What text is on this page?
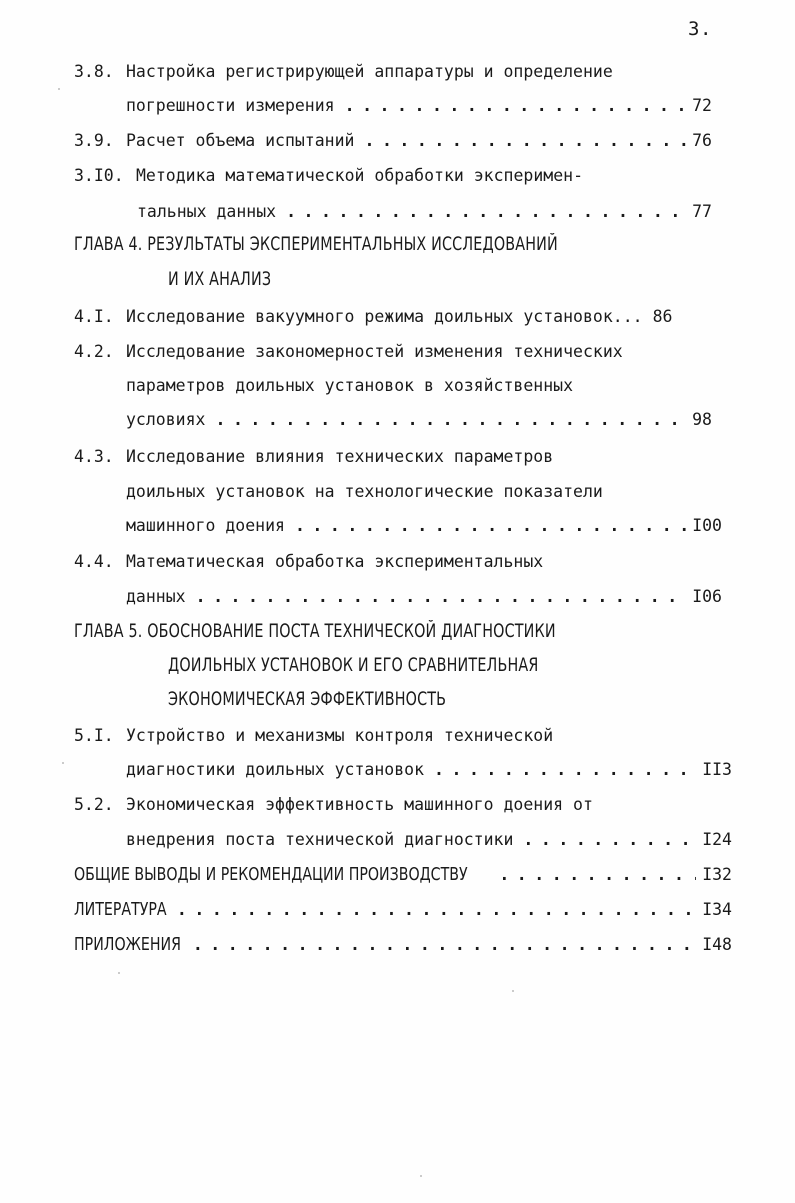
3.
3.8. Настройка регистрирующей аппаратуры и определение
погрешности измерения . . .	72
3.9. Расчет объема испытаний . . .	76
3.I0. Методика математической обработки эксперимен-
тальных данных . . .	77
ГЛАВА 4. РЕЗУЛЬТАТЫ ЭКСПЕРИМЕНТАЛЬНЫХ ИССЛЕДОВАНИЙ
И ИХ АНАЛИЗ
4.I. Исследование вакуумного режима доильных установок... 86
4.2. Исследование закономерностей изменения технических
параметров доильных установок в хозяйственных
условиях . . .	98
4.3. Исследование влияния технических параметров
доильных установок на технологические показатели
машинного доения . . .	I00
4.4. Математическая обработка экспериментальных
данных . . .	I06
ГЛАВА 5. ОБОСНОВАНИЕ ПОСТА ТЕХНИЧЕСКОЙ ДИАГНОСТИКИ
ДОИЛЬНЫХ УСТАНОВОК И ЕГО СРАВНИТЕЛЬНАЯ
ЭКОНОМИЧЕСКАЯ ЭФФЕКТИВНОСТЬ
5.I. Устройство и механизмы контроля технической
диагностики доильных установок . . .	II3
5.2. Экономическая эффективность машинного доения от
внедрения поста технической диагностики . . .	I24
ОБЩИЕ ВЫВОДЫ И РЕКОМЕНДАЦИИ ПРОИЗВОДСТВУ . . .	I32
ЛИТЕРАТУРА . . .	I34
ПРИЛОЖЕНИЯ . . .	I48
